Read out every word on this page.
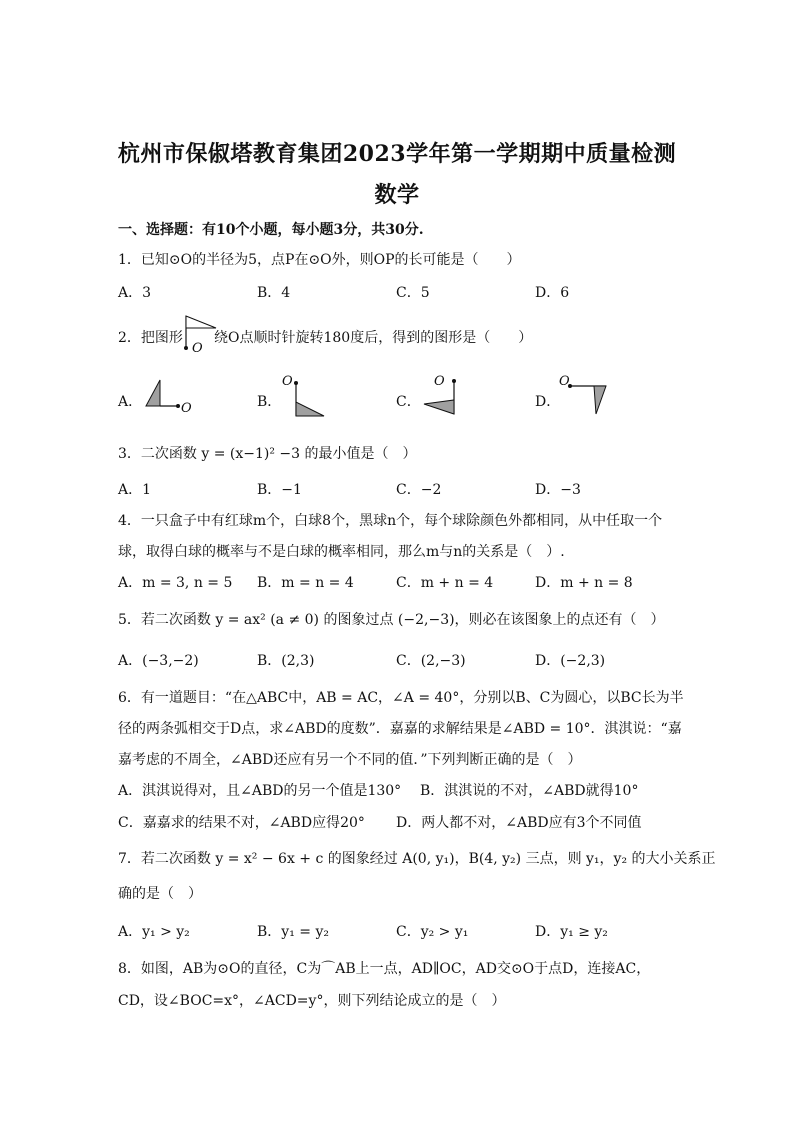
杭州市保俶塔教育集团2023学年第一学期期中质量检测
数学
一、选择题：有10个小题，每小题3分，共30分.
1．已知⊙O的半径为5，点P在⊙O外，则OP的长可能是（　　）
A．3	B．4	C．5	D．6
2．把图形
O
绕O点顺时针旋转180度后，得到的图形是（　　）
A．	O	B．
O
C．
O
D．
O
3．二次函数 y = (x−1)² −3 的最小值是（　）
A．1	B．−1	C．−2	D．−3
4．一只盒子中有红球m个，白球8个，黑球n个，每个球除颜色外都相同，从中任取一个
球，取得白球的概率与不是白球的概率相同，那么m与n的关系是（　）.
A．m = 3, n = 5 B．m = n = 4	C．m + n = 4	D．m + n = 8
5．若二次函数 y = ax² (a ≠ 0) 的图象过点 (−2,−3)，则必在该图象上的点还有（　）
A．(−3,−2)	B．(2,3)	C．(2,−3)	D．(−2,3)
6．有一道题目：“在△ABC中，AB = AC，∠A = 40°，分别以B、C为圆心，以BC长为半
径的两条弧相交于D点，求∠ABD的度数”．嘉嘉的求解结果是∠ABD = 10°．淇淇说：“嘉
嘉考虑的不周全，∠ABD还应有另一个不同的值．”下列判断正确的是（　）
A．淇淇说得对，且∠ABD的另一个值是130° B．淇淇说的不对，∠ABD就得10°
C．嘉嘉求的结果不对，∠ABD应得20° D．两人都不对，∠ABD应有3个不同值
7．若二次函数 y = x² − 6x + c 的图象经过 A(0, y₁)，B(4, y₂) 三点，则 y₁，y₂ 的大小关系正
确的是（　）
A．y₁ > y₂	B．y₁ = y₂	C．y₂ > y₁	D．y₁ ≥ y₂
8．如图，AB为⊙O的直径，C为⌒AB上一点，AD∥OC，AD交⊙O于点D，连接AC，
CD，设∠BOC=x°，∠ACD=y°，则下列结论成立的是（　）
